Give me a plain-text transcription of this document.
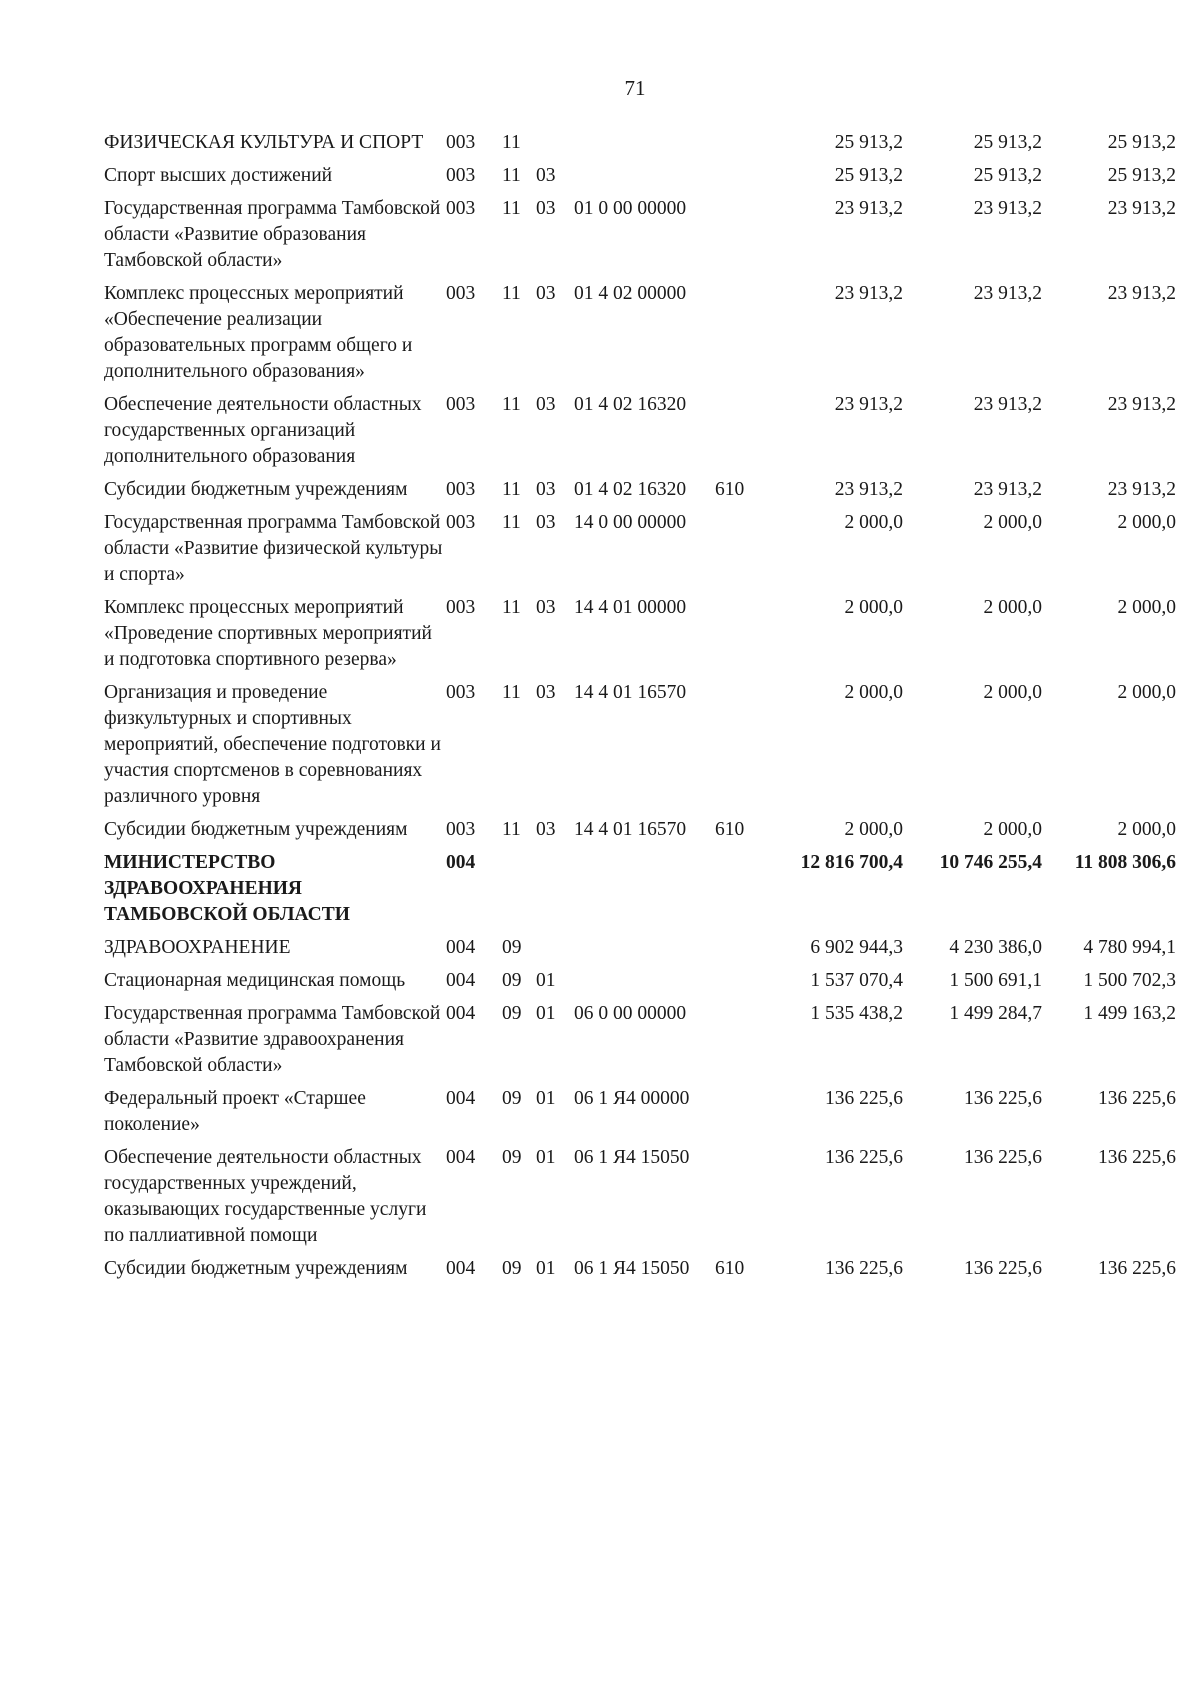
71
ФИЗИЧЕСКАЯ КУЛЬТУРА И СПОРТ	003	11				25 913,2	25 913,2	25 913,2
Спорт высших достижений	003	11	03			25 913,2	25 913,2	25 913,2
Государственная программа Тамбовской области «Развитие образования Тамбовской области»	003	11	03	01 0 00 00000		23 913,2	23 913,2	23 913,2
Комплекс процессных мероприятий «Обеспечение реализации образовательных программ общего и дополнительного образования»	003	11	03	01 4 02 00000		23 913,2	23 913,2	23 913,2
Обеспечение деятельности областных государственных организаций дополнительного образования	003	11	03	01 4 02 16320		23 913,2	23 913,2	23 913,2
Субсидии бюджетным учреждениям	003	11	03	01 4 02 16320	610	23 913,2	23 913,2	23 913,2
Государственная программа Тамбовской области «Развитие физической культуры и спорта»	003	11	03	14 0 00 00000		2 000,0	2 000,0	2 000,0
Комплекс процессных мероприятий «Проведение спортивных мероприятий и подготовка спортивного резерва»	003	11	03	14 4 01 00000		2 000,0	2 000,0	2 000,0
Организация и проведение физкультурных и спортивных мероприятий, обеспечение подготовки и участия спортсменов в соревнованиях различного уровня	003	11	03	14 4 01 16570		2 000,0	2 000,0	2 000,0
Субсидии бюджетным учреждениям	003	11	03	14 4 01 16570	610	2 000,0	2 000,0	2 000,0
МИНИСТЕРСТВО ЗДРАВООХРАНЕНИЯ ТАМБОВСКОЙ ОБЛАСТИ	004					12 816 700,4	10 746 255,4	11 808 306,6
ЗДРАВООХРАНЕНИЕ	004	09				6 902 944,3	4 230 386,0	4 780 994,1
Стационарная медицинская помощь	004	09	01			1 537 070,4	1 500 691,1	1 500 702,3
Государственная программа Тамбовской области «Развитие здравоохранения Тамбовской области»	004	09	01	06 0 00 00000		1 535 438,2	1 499 284,7	1 499 163,2
Федеральный проект «Старшее поколение»	004	09	01	06 1 Я4 00000		136 225,6	136 225,6	136 225,6
Обеспечение деятельности областных государственных учреждений, оказывающих государственные услуги по паллиативной помощи	004	09	01	06 1 Я4 15050		136 225,6	136 225,6	136 225,6
Субсидии бюджетным учреждениям	004	09	01	06 1 Я4 15050	610	136 225,6	136 225,6	136 225,6
